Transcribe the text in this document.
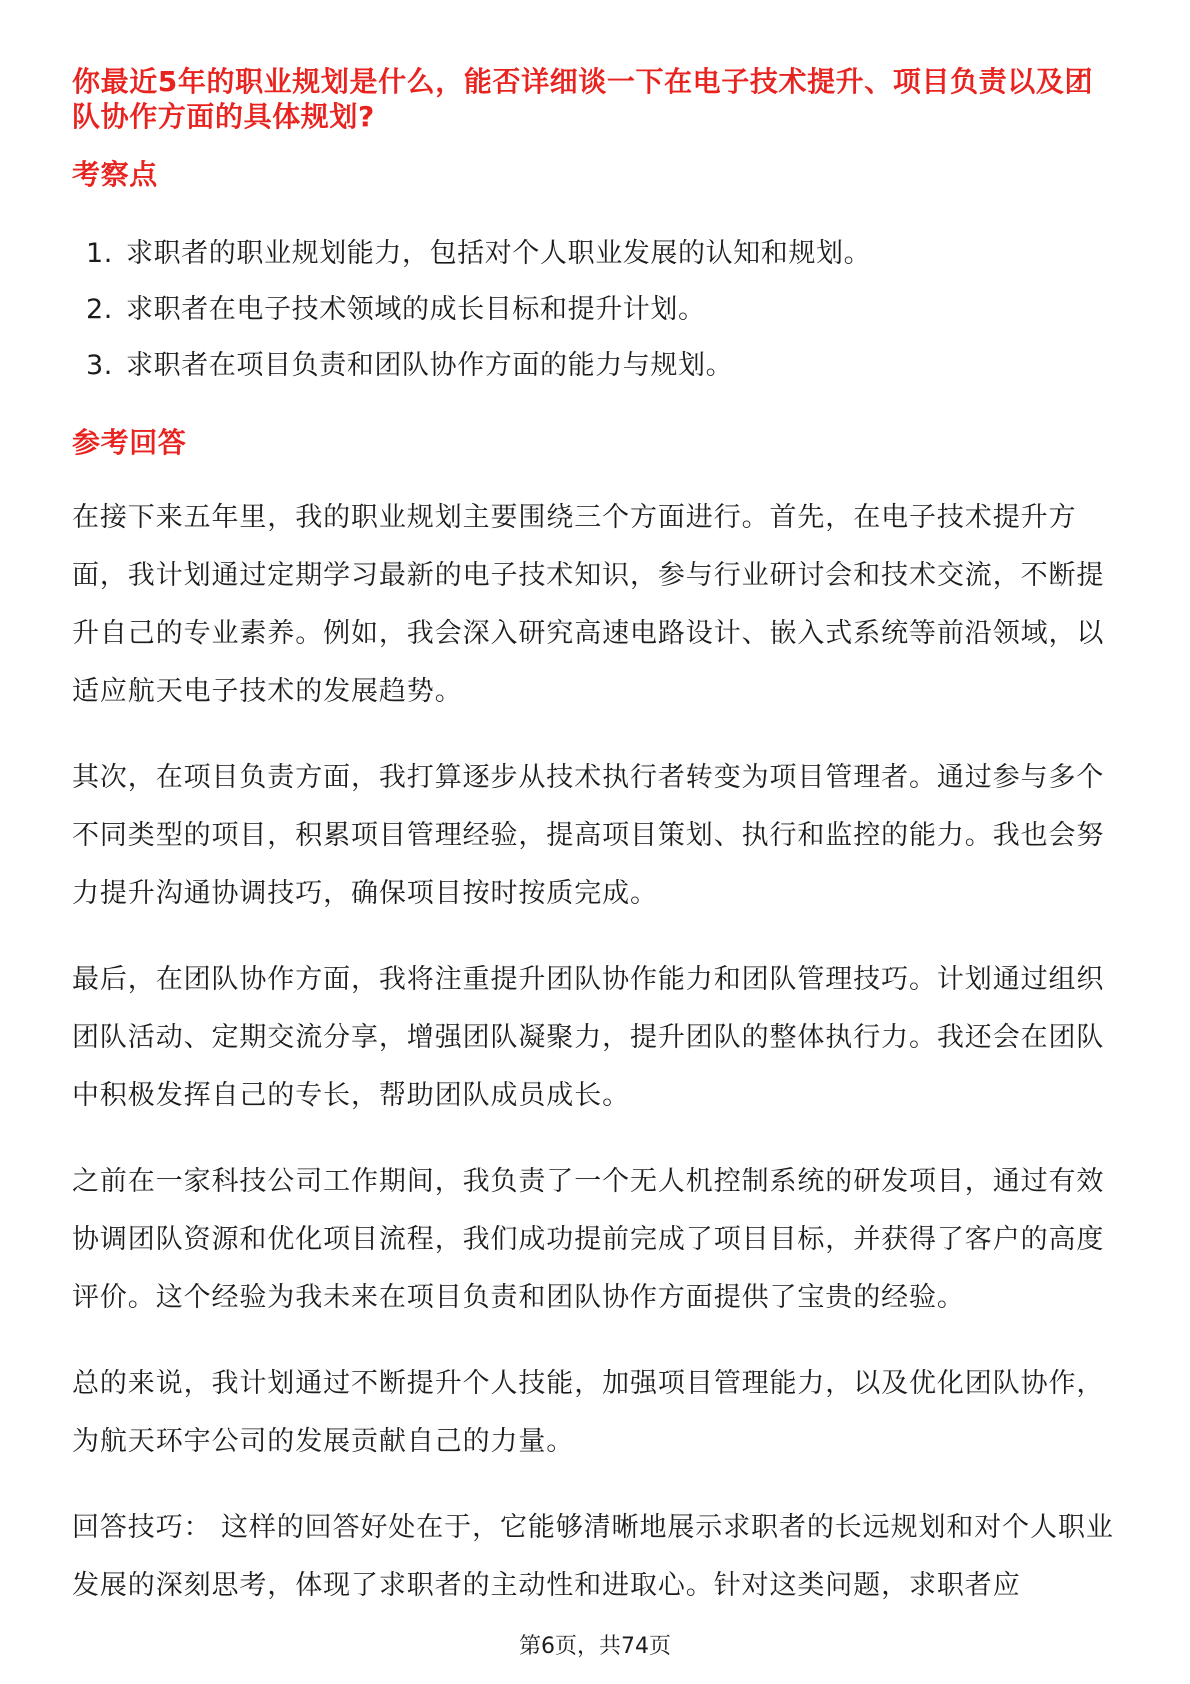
你最近5年的职业规划是什么，能否详细谈一下在电子技术提升、项目负责以及团队协作方面的具体规划?
考察点
1. 求职者的职业规划能力，包括对个人职业发展的认知和规划。
2. 求职者在电子技术领域的成长目标和提升计划。
3. 求职者在项目负责和团队协作方面的能力与规划。
参考回答

在接下来五年里，我的职业规划主要围绕三个方面进行。首先，在电子技术提升方面，我计划通过定期学习最新的电子技术知识，参与行业研讨会和技术交流，不断提升自己的专业素养。例如，我会深入研究高速电路设计、嵌入式系统等前沿领域，以适应航天电子技术的发展趋势。

其次，在项目负责方面，我打算逐步从技术执行者转变为项目管理者。通过参与多个不同类型的项目，积累项目管理经验，提高项目策划、执行和监控的能力。我也会努力提升沟通协调技巧，确保项目按时按质完成。

最后，在团队协作方面，我将注重提升团队协作能力和团队管理技巧。计划通过组织团队活动、定期交流分享，增强团队凝聚力，提升团队的整体执行力。我还会在团队中积极发挥自己的专长，帮助团队成员成长。

之前在一家科技公司工作期间，我负责了一个无人机控制系统的研发项目，通过有效协调团队资源和优化项目流程，我们成功提前完成了项目目标，并获得了客户的高度评价。这个经验为我未来在项目负责和团队协作方面提供了宝贵的经验。

总的来说，我计划通过不断提升个人技能，加强项目管理能力，以及优化团队协作，为航天环宇公司的发展贡献自己的力量。

回答技巧： 这样的回答好处在于，它能够清晰地展示求职者的长远规划和对个人职业发展的深刻思考，体现了求职者的主动性和进取心。针对这类问题，求职者应

第6页，共74页
